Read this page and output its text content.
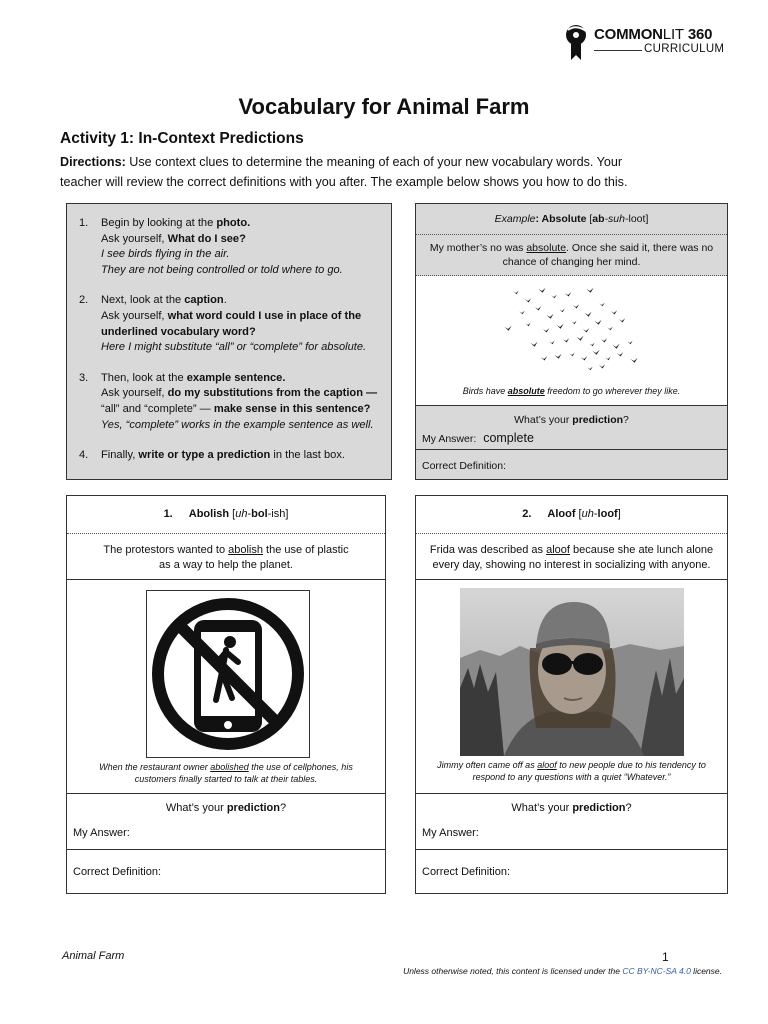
COMMONLIT 360
CURRICULUM
Vocabulary for Animal Farm
Activity 1: In-Context Predictions
Directions: Use context clues to determine the meaning of each of your new vocabulary words. Your teacher will review the correct definitions with you after. The example below shows you how to do this.
1.	Begin by looking at the photo.
Ask yourself, What do I see?
I see birds flying in the air.
They are not being controlled or told where to go.
2.	Next, look at the caption.
Ask yourself, what word could I use in place of the underlined vocabulary word?
Here I might substitute “all” or “complete” for absolute.
3.	Then, look at the example sentence.
Ask yourself, do my substitutions from the caption —
“all” and “complete” — make sense in this sentence?
Yes, “complete” works in the example sentence as well.
4.	Finally, write or type a prediction in the last box.
Example: Absolute [ab-suh-loot]
My mother’s no was absolute. Once she said it, there was no chance of changing her mind.
Birds have absolute freedom to go wherever they like.
What’s your prediction?
My Answer: complete
Correct Definition:
1. Abolish [uh-bol-ish]
The protestors wanted to abolish the use of plastic as a way to help the planet.
When the restaurant owner abolished the use of cellphones, his customers finally started to talk at their tables.
What’s your prediction?
My Answer:
Correct Definition:
2. Aloof [uh-loof]
Frida was described as aloof because she ate lunch alone every day, showing no interest in socializing with anyone.
Jimmy often came off as aloof to new people due to his tendency to respond to any questions with a quiet “Whatever.”
What’s your prediction?
My Answer:
Correct Definition:
Animal Farm	1
Unless otherwise noted, this content is licensed under the CC BY-NC-SA 4.0 license.
